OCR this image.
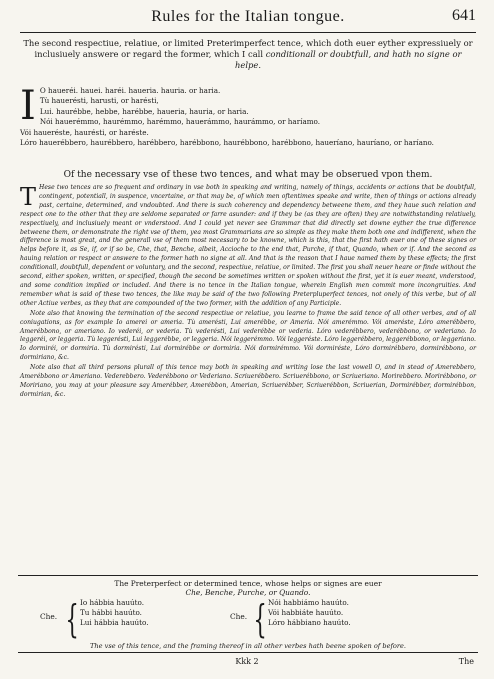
Rules for the Italian tongue.	641
The second respectiue, relatiue, or limited Preterimperfect tence, which doth euer eyther expressiuely or inclusiuely answere or regard the former, which I call conditionall or doubtfull, and hath no signe or helpe.
I O haueréi. hauei. haréi. haueria. hauria. or haria.
Tù hauerésti, harusti, or harésti,
Lui. haurébbe, hebbe, harébbe, haueria, hauria, or haria.
Nói hauerémmo, haurémmo, harémmo, hauerámmo, haurámmo, or haríamo.
Vói haueréste, haurésti, or haréste.
Lóro hauerébbero, haurébbero, harébbero, harébbono, haurébbono, harébbono, haueríano, hauríano, or haríano.
Of the necessary vse of these two tences, and what may be obserued vpon them.

T Hese two tences are so frequent and ordinary in vse both in speaking and writing, namely of things, accidents or actions that be doubtfull, contingent, potentiall, in suspence, vncertaine, or that may be, of which men oftentimes speake and write, then of things or actions already past, certaine, determined, and vndoubted. And there is such coherency and dependency betweene them, and they haue such relation and respect one to the other that they are seldome separated or farre asunder: and if they be (as they are often) they are notwithstanding relatiuely, respectiuely, and inclusiuely meant or vnderstood. And I could yet never see Grammar that did directly set downe eyther the true difference betweene them, or demonstrate the right vse of them, yea most Grammarians are so simple as they make them both one and indifferent, when the difference is most great, and the generall vse of them most necessary to be knowne, which is this, that the first hath euer one of these signes or helps before it, as Se, if, or if so be, Che, that, Benche, albeit, Accioche to the end that, Purche, if that, Quando, when or if. And the second as hauing relation or respect or answere to the former hath no signe at all. And that is the reason that I haue named them by these effects; the first conditionall, doubtfull, dependent or voluntary, and the second, respectiue, relatiue, or limited. The first you shall neuer heare or finde without the second, either spoken, written, or specified, though the second be sometimes written or spoken without the first, yet it is euer meant, vnderstood, and some condition implied or included. And there is no tence in the Italian tongue, wherein English men commit more incongruities. And remember what is said of these two tences, the like may be said of the two following Preterpluperfect tences, not onely of this verbe, but of all other Actiue verbes, as they that are compounded of the two former, with the addition of any Participle.

Note also that knowing the termination of the second respectiue or relatiue, you learne to frame the said tence of all other verbes, and of all coniugations, as for example Io amerei or ameria. Tù amerésti, Lui amerébbe, or Ameria. Nói amerémmo. Vói ameréste, Lóro amerébbero, Amerébbono, or ameriano. Io vederéi, or vederia. Tù vederésti, Lui vederébbe or vederia. Lóro vederébbero, vederébbono, or vederiano. Io leggeréi, or leggeria. Tù leggerésti, Lui leggerébbe, or leggeria. Nói leggerémmo. Vói leggeréste. Lóro leggerébbero, leggerébbono, or leggeriano. Io dormiréi, or dormiria. Tù dormirésti, Lui dormirébbe or dormiria. Nói dormirémmo. Vói dormiréste, Lóro dormirébbero, dormirébbono, or dormiriano, &c.

Note also that all third persons plurall of this tence may both in speaking and writing lose the last vowell O, and in stead of Amerebbero, Amerébbono or Ameriano. Vederebbero. Vederébbono or Vederiano. Scriuerébbero. Scriuerébbono, or Scriueriano. Morirebbero. Morirébbono, or Moririano, you may at your pleasure say Amerébber, Amerébbon, Amerian, Scriuerébber, Scriuerébbon, Scriuerian, Dormirébber, dormirébbon, dormirian, &c.

The Preterperfect or determined tence, whose helps or signes are euer
Che, Benche, Purche, or Quando.
Che. { Io hábbia hauúto.
Tu hábbi hauúto.
Lui hábbia hauúto.
Che. { Nói habbiámo hauúto.
Vói habbiáte hauúto.
Lóro hábbiano hauúto.
The vse of this tence, and the framing thereof in all other verbes hath beene spoken of before.
Kkk 2	The
